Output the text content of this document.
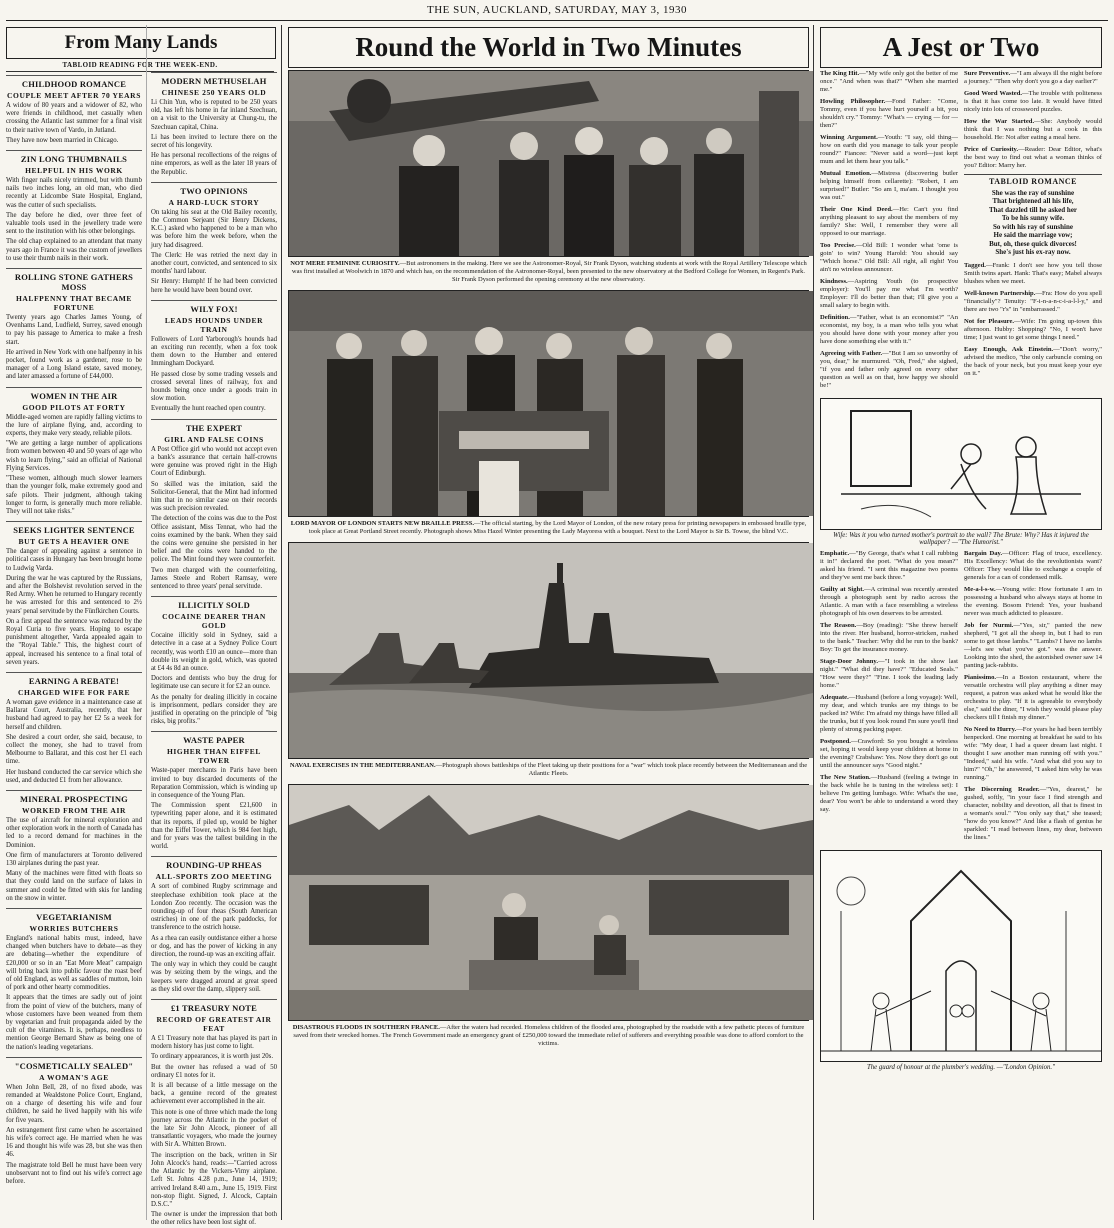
THE SUN, AUCKLAND, SATURDAY, MAY 3, 1930
From Many Lands
TABLOID READING FOR THE WEEK-END.
CHILDHOOD ROMANCE
COUPLE MEET AFTER 70 YEARS

A widow of 80 years and a widower of 82, who were friends in childhood, met casually when crossing the Atlantic last summer for a final visit to their native town of Vardo, in Jutland.

They have now been married in Chicago.

ZIN LONG THUMBNAILS
HELPFUL IN HIS WORK

With finger nails nicely trimmed, but with thumb nails two inches long, an old man, who died recently at Lidcombe State Hospital, England, was the cutter of such specialists.

The day before he died, over three feet of valuable tools used in the jewellery trade were sent to the institution with his other belongings.

The old chap explained to an attendant that many years ago in France it was the custom of jewellers to use their thumb nails in their work.

ROLLING STONE GATHERS MOSS
HALFPENNY THAT BECAME FORTUNE

Twenty years ago Charles James Young, of Ovenhams Land, Ludfield, Surrey, saved enough to pay his passage to America to make a fresh start.

He arrived in New York with one halfpenny in his pocket, found work as a gardener, rose to be manager of a Long Island estate, saved money, and later amassed a fortune of £44,000.

WOMEN IN THE AIR
GOOD PILOTS AT FORTY

Middle-aged women are rapidly falling victims to the lure of airplane flying, and, according to experts, they make very steady, reliable pilots.

"We are getting a large number of applications from women between 40 and 50 years of age who wish to learn flying," said an official of National Flying Services.

"These women, although much slower learners than the younger folk, make extremely good and safe pilots. Their judgment, although taking longer to form, is generally much more reliable. They will not take risks."

SEEKS LIGHTER SENTENCE
BUT GETS A HEAVIER ONE

The danger of appealing against a sentence in political cases in Hungary has been brought home to Ludwig Varda.

During the war he was captured by the Russians, and after the Bolshevist revolution served in the Red Army. When he returned to Hungary recently he was arrested for this and sentenced to 2½ years' penal servitude by the Fünfkirchen Courts.

On a first appeal the sentence was reduced by the Royal Curia to five years. Hoping to escape punishment altogether, Varda appealed again to the "Royal Table." This, the highest court of appeal, increased his sentence to a final total of seven years.

EARNING A REBATE!
CHARGED WIFE FOR FARE

A woman gave evidence in a maintenance case at Ballarat Court, Australia, recently, that her husband had agreed to pay her £2 5s a week for herself and children.

She desired a court order, she said, because, to collect the money, she had to travel from Melbourne to Ballarat, and this cost her £1 each time.

Her husband conducted the car service which she used, and deducted £1 from her allowance.

MINERAL PROSPECTING
WORKED FROM THE AIR

The use of aircraft for mineral exploration and other exploration work in the north of Canada has led to a record demand for machines in the Dominion.

One firm of manufacturers at Toronto delivered 130 airplanes during the past year.

Many of the machines were fitted with floats so that they could land on the surface of lakes in summer and could be fitted with skis for landing on the snow in winter.

VEGETARIANISM
WORRIES BUTCHERS

England's national habits must, indeed, have changed when butchers have to debate—as they are debating—whether the expenditure of £20,000 or so in an "Eat More Meat" campaign will bring back into public favour the roast beef of old England, as well as saddles of mutton, loin of pork and other hearty commodities.

It appears that the times are sadly out of joint from the point of view of the butchers, many of whose customers have been weaned from them by vegetarian and fruit propaganda aided by the cult of the vitamines. It is, perhaps, needless to mention George Bernard Shaw as being one of the nation's leading vegetarians.

"COSMETICALLY SEALED"
A WOMAN'S AGE

When John Bell, 28, of no fixed abode, was remanded at Wealdstone Police Court, England, on a charge of deserting his wife and four children, he said he lived happily with his wife for five years.

An estrangement first came when he ascertained his wife's correct age. He married when he was 16 and thought his wife was 28, but she was then 46.

The magistrate told Bell he must have been very unobservant not to find out his wife's correct age before.

MODERN METHUSELAH
CHINESE 250 YEARS OLD

Li Chin Yun, who is reputed to be 250 years old, has left his home in far inland Szechuan, on a visit to the University at Chung-tu, the Szechuan capital, China.

Li has been invited to lecture there on the secret of his longevity.

He has personal recollections of the reigns of nine emperors, as well as the later 18 years of the Republic.

TWO OPINIONS
A HARD-LUCK STORY

On taking his seat at the Old Bailey recently, the Common Serjeant (Sir Henry Dickens, K.C.) asked who happened to be a man who was before him the week before, when the jury had disagreed.

The Clerk: He was retried the next day in another court, convicted, and sentenced to six months' hard labour.

Sir Henry: Humph! If he had been convicted here he would have been bound over.

WILY FOX!
LEADS HOUNDS UNDER TRAIN

Followers of Lord Yarborough's hounds had an exciting run recently, when a fox took them down to the Humber and entered Immingham Dockyard.

He passed close by some trading vessels and crossed several lines of railway, fox and hounds being once under a goods train in slow motion.

Eventually the hunt reached open country.

THE EXPERT
GIRL AND FALSE COINS

A Post Office girl who would not accept even a bank's assurance that certain half-crowns were genuine was proved right in the High Court of Edinburgh.

So skilled was the imitation, said the Solicitor-General, that the Mint had informed him that in no similar case on their records was such precision revealed.

The detection of the coins was due to the Post Office assistant, Miss Tennat, who had the coins examined by the bank. When they said the coins were genuine she persisted in her belief and the coins were handed to the police. The Mint found they were counterfeit.

Two men charged with the counterfeiting, James Steele and Robert Ramsay, were sentenced to three years' penal servitude.

ILLICITLY SOLD
COCAINE DEARER THAN GOLD

Cocaine illicitly sold in Sydney, said a detective in a case at a Sydney Police Court recently, was worth £10 an ounce—more than double its weight in gold, which, was quoted at £4 4s 8d an ounce.

Doctors and dentists who buy the drug for legitimate use can secure it for £2 an ounce.

As the penalty for dealing illicitly in cocaine is imprisonment, pedlars consider they are justified in operating on the principle of "big risks, big profits."

WASTE PAPER
HIGHER THAN EIFFEL TOWER

Waste-paper merchants in Paris have been invited to buy discarded documents of the Reparation Commission, which is winding up in consequence of the Young Plan.

The Commission spent £21,600 in typewriting paper alone, and it is estimated that its reports, if piled up, would be higher than the Eiffel Tower, which is 984 feet high, and for years was the tallest building in the world.

ROUNDING-UP RHEAS
ALL-SPORTS ZOO MEETING

A sort of combined Rugby scrimmage and steeplechase exhibition took place at the London Zoo recently. The occasion was the rounding-up of four rheas (South American ostriches) in one of the park paddocks, for transference to the ostrich house.

As a rhea can easily outdistance either a horse or dog, and has the power of kicking in any direction, the round-up was an exciting affair.

The only way in which they could be caught was by seizing them by the wings, and the keepers were dragged around at great speed as they slid over the damp, slippery soil.

£1 TREASURY NOTE
RECORD OF GREATEST AIR FEAT

A £1 Treasury note that has played its part in modern history has just come to light.

To ordinary appearances, it is worth just 20s.

But the owner has refused a wad of 50 ordinary £1 notes for it.

It is all because of a little message on the back, a genuine record of the greatest achievement ever accomplished in the air.

This note is one of three which made the long journey across the Atlantic in the pocket of the late Sir John Alcock, pioneer of all transatlantic voyagers, who made the journey with Sir A. Whitten Brown.

The inscription on the back, written in Sir John Alcock's hand, reads:—"Carried across the Atlantic by the Vickers-Vimy airplane. Left St. Johns 4.28 p.m., June 14, 1919; arrived Ireland 8.40 a.m., June 15, 1919. First non-stop flight. Signed, J. Alcock, Captain D.S.C."

The owner is under the impression that both the other relics have been lost sight of.

Round the World in Two Minutes
NOT MERE FEMININE CURIOSITY.—But astronomers in the making. Here we see the Astronomer-Royal, Sir Frank Dyson, watching students at work with the Royal Artillery Telescope which was first installed at Woolwich in 1870 and which has, on the recommendation of the Astronomer-Royal, been presented to the new observatory at the Bedford College for Women, in Regent's Park. Sir Frank Dyson performed the opening ceremony at the new observatory.
LORD MAYOR OF LONDON STARTS NEW BRAILLE PRESS.—The official starting, by the Lord Mayor of London, of the new rotary press for printing newspapers in embossed braille type, took place at Great Portland Street recently. Photograph shows Miss Hazel Winter presenting the Lady Mayoress with a bouquet. Next to the Lord Mayor is Sir B. Towse, the blind V.C.
NAVAL EXERCISES IN THE MEDITERRANEAN.—Photograph shows battleships of the Fleet taking up their positions for a "war" which took place recently between the Mediterranean and the Atlantic Fleets.
DISASTROUS FLOODS IN SOUTHERN FRANCE.—After the waters had receded. Homeless children of the flooded area, photographed by the roadside with a few pathetic pieces of furniture saved from their wrecked homes. The French Government made an emergency grant of £250,000 toward the immediate relief of sufferers and everything possible was done to afford comfort to the victims.
A Jest or Two
The King Hit.—"My wife only got the better of me once." "And when was that?" "When she married me."
Howling Philosopher.—Fond Father: "Come, Tommy, even if you have hurt yourself a bit, you shouldn't cry." Tommy: "What's — crying — for — then?"
Winning Argument.—Youth: "I say, old thing—how on earth did you manage to talk your people round?" Fiancee: "Never said a word—just kept mum and let them hear you talk."
Mutual Emotion.—Mistress (discovering butler helping himself from cellarette): "Robert, I am surprised!" Butler: "So am I, ma'am. I thought you was out."
Their One Kind Deed.—He: Can't you find anything pleasant to say about the members of my family? She: Well, I remember they were all opposed to our marriage.
Too Precise.—Old Bill: I wonder what 'ome is goin' to win? Young Harold: You should say "Which horse." Old Bill: All right, all right! You ain't no wireless announcer.
Kindness.—Aspiring Youth (to prospective employer): You'll pay me what I'm worth? Employer: I'll do better than that; I'll give you a small salary to begin with.
Definition.—"Father, what is an economist?" "An economist, my boy, is a man who tells you what you should have done with your money after you have done something else with it."
Agreeing with Father.—"But I am so unworthy of you, dear," he murmured. "Oh, Fred," she sighed, "if you and father only agreed on every other question as well as on that, how happy we should be!"
Sure Preventive.—"I am always ill the night before a journey." "Then why don't you go a day earlier?"
Good Word Wasted.—The trouble with politeness is that it has come too late. It would have fitted nicely into lots of crossword puzzles.
How the War Started.—She: Anybody would think that I was nothing but a cook in this household. He: Not after eating a meal here.
Price of Curiosity.—Reader: Dear Editor, what's the best way to find out what a woman thinks of you? Editor: Marry her.
TABLOID ROMANCE
She was the ray of sunshine
That brightened all his life,
That dazzled till he asked her
To be his sunny wife.
So with his ray of sunshine
He said the marriage vow;
But, oh, these quick divorces!
She's just his ex-ray now.
Tagged.—Frank: I don't see how you tell those Smith twins apart. Hank: That's easy; Mabel always blushes when we meet.
Well-known Partnership.—Fra: How do you spell "financially"? Tenuity: "F-i-n-a-n-c-i-a-l-l-y," and there are two "r's" in "embarrassed."
Not for Pleasure.—Wife: I'm going up-town this afternoon. Hubby: Shopping? "No, I won't have time; I just want to get some things I need."
Easy Enough, Ask Einstein.—"Don't worry," advised the medico, "the only carbuncle coming on the back of your neck, but you must keep your eye on it."
Wife: Was it you who turned mother's portrait to the wall? The Brute: Why? Has it injured the wallpaper? —"The Humorist."
Emphatic.—"By George, that's what I call rubbing it in!" declared the poet. "What do you mean?" asked his friend. "I sent this magazine two poems and they've sent me back three."
Guilty at Sight.—A criminal was recently arrested through a photograph sent by radio across the Atlantic. A man with a face resembling a wireless photograph of his own deserves to be arrested.
The Reason.—Boy (reading): "She threw herself into the river. Her husband, horror-stricken, rushed to the bank." Teacher: Why did he run to the bank? Boy: To get the insurance money.
Stage-Door Johnny.—"I took in the show last night." "What did they have?" "Educated Seals." "How were they?" "Fine. I took the leading lady home."
Adequate.—Husband (before a long voyage): Well, my dear, and which trunks are my things to be packed in? Wife: I'm afraid my things have filled all the trunks, but if you look round I'm sure you'll find plenty of strong packing paper.
Postponed.—Crawford: So you bought a wireless set, hoping it would keep your children at home in the evening? Crabshaw: Yes. Now they don't go out until the announcer says "Good night."
The New Station.—Husband (feeling a twinge in the back while he is tuning in the wireless set): I believe I'm getting lumbago. Wife: What's the use, dear? You won't be able to understand a word they say.
Bargain Day.—Officer: Flag of truce, excellency. His Excellency: What do the revolutionists want? Officer: They would like to exchange a couple of generals for a can of condensed milk.
Me-a-l-s-w.—Young wife: How fortunate I am in possessing a husband who always stays at home in the evening. Bosom Friend: Yes, your husband never was much addicted to pleasure.
Job for Nurmi.—"Yes, sir," panted the new shepherd, "I got all the sheep in, but I had to run some to get those lambs." "Lambs? I have no lambs—let's see what you've got." was the answer. Looking into the shed, the astonished owner saw 14 panting jack-rabbits.
Pianissimo.—In a Boston restaurant, where the versatile orchestra will play anything a diner may request, a patron was asked what he would like the orchestra to play. "If it is agreeable to everybody else," said the diner, "I wish they would please play checkers till I finish my dinner."
No Need to Hurry.—For years he had been terribly henpecked. One morning at breakfast he said to his wife: "My dear, I had a queer dream last night. I thought I saw another man running off with you." "Indeed," said his wife. "And what did you say to him?" "Oh," he answered, "I asked him why he was running."
The Discerning Reader.—"Yes, dearest," he gushed, softly, "in your face I find strength and character, nobility and devotion, all that is finest in a woman's soul." "You only say that," she teased; "how do you know?" And like a flash of genius he sparkled: "I read between lines, my dear, between the lines."
The guard of honour at the plumber's wedding. —"London Opinion."
